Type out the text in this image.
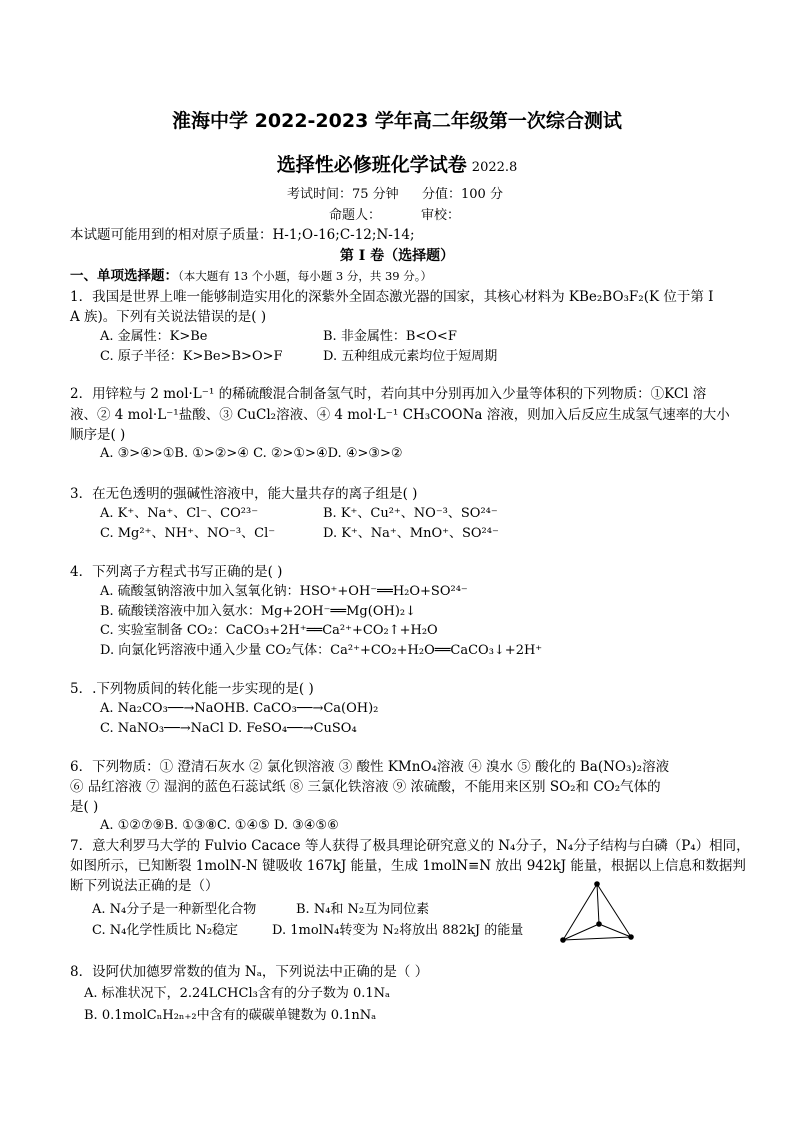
淮海中学 2022-2023 学年高二年级第一次综合测试
选择性必修班化学试卷 2022.8
考试时间：75 分钟 分值：100 分
命题人：	审校：
本试题可能用到的相对原子质量：H-1;O-16;C-12;N-14;
第 I 卷（选择题）
一、单项选择题：（本大题有 13 个小题，每小题 3 分，共 39 分。）
1．我国是世界上唯一能够制造实用化的深紫外全固态激光器的国家，其核心材料为 KBe₂BO₃F₂(K 位于第 I
A 族)。下列有关说法错误的是( )
A. 金属性：K>Be	B. 非金属性：B<O<F
C. 原子半径：K>Be>B>O>F	D. 五种组成元素均位于短周期
2．用锌粒与 2 mol·L⁻¹ 的稀硫酸混合制备氢气时，若向其中分别再加入少量等体积的下列物质：①KCl 溶
液、② 4 mol·L⁻¹盐酸、③ CuCl₂溶液、④ 4 mol·L⁻¹ CH₃COONa 溶液，则加入后反应生成氢气速率的大小
顺序是( )
A. ③>④>①B. ①>②>④ C. ②>①>④D. ④>③>②
3．在无色透明的强碱性溶液中，能大量共存的离子组是( )
A. K⁺、Na⁺、Cl⁻、CO²³⁻	B. K⁺、Cu²⁺、NO⁻³、SO²⁴⁻
C. Mg²⁺、NH⁺、NO⁻³、Cl⁻	D. K⁺、Na⁺、MnO⁺、SO²⁴⁻
4．下列离子方程式书写正确的是( )
A. 硫酸氢钠溶液中加入氢氧化钠：HSO⁺+OH⁻══H₂O+SO²⁴⁻
B. 硫酸镁溶液中加入氨水：Mg+2OH⁻══Mg(OH)₂↓
C. 实验室制备 CO₂：CaCO₃+2H⁺══Ca²⁺+CO₂↑+H₂O
D. 向氯化钙溶液中通入少量 CO₂气体：Ca²⁺+CO₂+H₂O══CaCO₃↓+2H⁺
5．.下列物质间的转化能一步实现的是( )
A. Na₂CO₃──→NaOHB. CaCO₃──→Ca(OH)₂
C. NaNO₃──→NaCl D. FeSO₄──→CuSO₄
6．下列物质：① 澄清石灰水 ② 氯化钡溶液 ③ 酸性 KMnO₄溶液 ④ 溴水 ⑤ 酸化的 Ba(NO₃)₂溶液
⑥ 品红溶液 ⑦ 湿润的蓝色石蕊试纸 ⑧ 三氯化铁溶液 ⑨ 浓硫酸，不能用来区别 SO₂和 CO₂气体的
是( )
A. ①②⑦⑨B. ①③⑧C. ①④⑤ D. ③④⑤⑥
7．意大利罗马大学的 Fulvio Cacace 等人获得了极具理论研究意义的 N₄分子，N₄分子结构与白磷（P₄）相同，
如图所示，已知断裂 1molN-N 键吸收 167kJ 能量，生成 1molN≡N 放出 942kJ 能量，根据以上信息和数据判
断下列说法正确的是（）
A. N₄分子是一种新型化合物	B. N₄和 N₂互为同位素
C. N₄化学性质比 N₂稳定	D. 1molN₄转变为 N₂将放出 882kJ 的能量
8．设阿伏加德罗常数的值为 Nₐ，下列说法中正确的是（ ）
A. 标准状况下，2.24LCHCl₃含有的分子数为 0.1Nₐ
B. 0.1molCₙH₂ₙ₊₂中含有的碳碳单键数为 0.1nNₐ
